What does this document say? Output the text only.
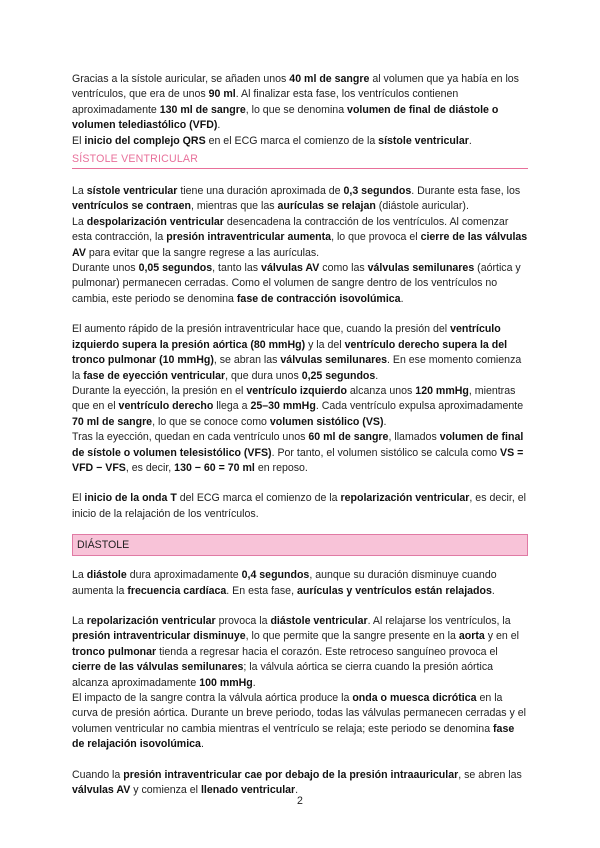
Gracias a la sístole auricular, se añaden unos 40 ml de sangre al volumen que ya había en los ventrículos, que era de unos 90 ml. Al finalizar esta fase, los ventrículos contienen aproximadamente 130 ml de sangre, lo que se denomina volumen de final de diástole o volumen telediastólico (VFD).

El inicio del complejo QRS en el ECG marca el comienzo de la sístole ventricular.

SÍSTOLE VENTRICULAR

La sístole ventricular tiene una duración aproximada de 0,3 segundos. Durante esta fase, los ventrículos se contraen, mientras que las aurículas se relajan (diástole auricular).

La despolarización ventricular desencadena la contracción de los ventrículos. Al comenzar esta contracción, la presión intraventricular aumenta, lo que provoca el cierre de las válvulas AV para evitar que la sangre regrese a las aurículas.

Durante unos 0,05 segundos, tanto las válvulas AV como las válvulas semilunares (aórtica y pulmonar) permanecen cerradas. Como el volumen de sangre dentro de los ventrículos no cambia, este periodo se denomina fase de contracción isovolúmica.

El aumento rápido de la presión intraventricular hace que, cuando la presión del ventrículo izquierdo supera la presión aórtica (80 mmHg) y la del ventrículo derecho supera la del tronco pulmonar (10 mmHg), se abran las válvulas semilunares. En ese momento comienza la fase de eyección ventricular, que dura unos 0,25 segundos.

Durante la eyección, la presión en el ventrículo izquierdo alcanza unos 120 mmHg, mientras que en el ventrículo derecho llega a 25–30 mmHg. Cada ventrículo expulsa aproximadamente 70 ml de sangre, lo que se conoce como volumen sistólico (VS).

Tras la eyección, quedan en cada ventrículo unos 60 ml de sangre, llamados volumen de final de sístole o volumen telesistólico (VFS). Por tanto, el volumen sistólico se calcula como VS = VFD − VFS, es decir, 130 − 60 = 70 ml en reposo.

El inicio de la onda T del ECG marca el comienzo de la repolarización ventricular, es decir, el inicio de la relajación de los ventrículos.

DIÁSTOLE

La diástole dura aproximadamente 0,4 segundos, aunque su duración disminuye cuando aumenta la frecuencia cardíaca. En esta fase, aurículas y ventrículos están relajados.

La repolarización ventricular provoca la diástole ventricular. Al relajarse los ventrículos, la presión intraventricular disminuye, lo que permite que la sangre presente en la aorta y en el tronco pulmonar tienda a regresar hacia el corazón. Este retroceso sanguíneo provoca el cierre de las válvulas semilunares; la válvula aórtica se cierra cuando la presión aórtica alcanza aproximadamente 100 mmHg.

El impacto de la sangre contra la válvula aórtica produce la onda o muesca dicrótica en la curva de presión aórtica. Durante un breve periodo, todas las válvulas permanecen cerradas y el volumen ventricular no cambia mientras el ventrículo se relaja; este periodo se denomina fase de relajación isovolúmica.

Cuando la presión intraventricular cae por debajo de la presión intraauricular, se abren las válvulas AV y comienza el llenado ventricular.

2
